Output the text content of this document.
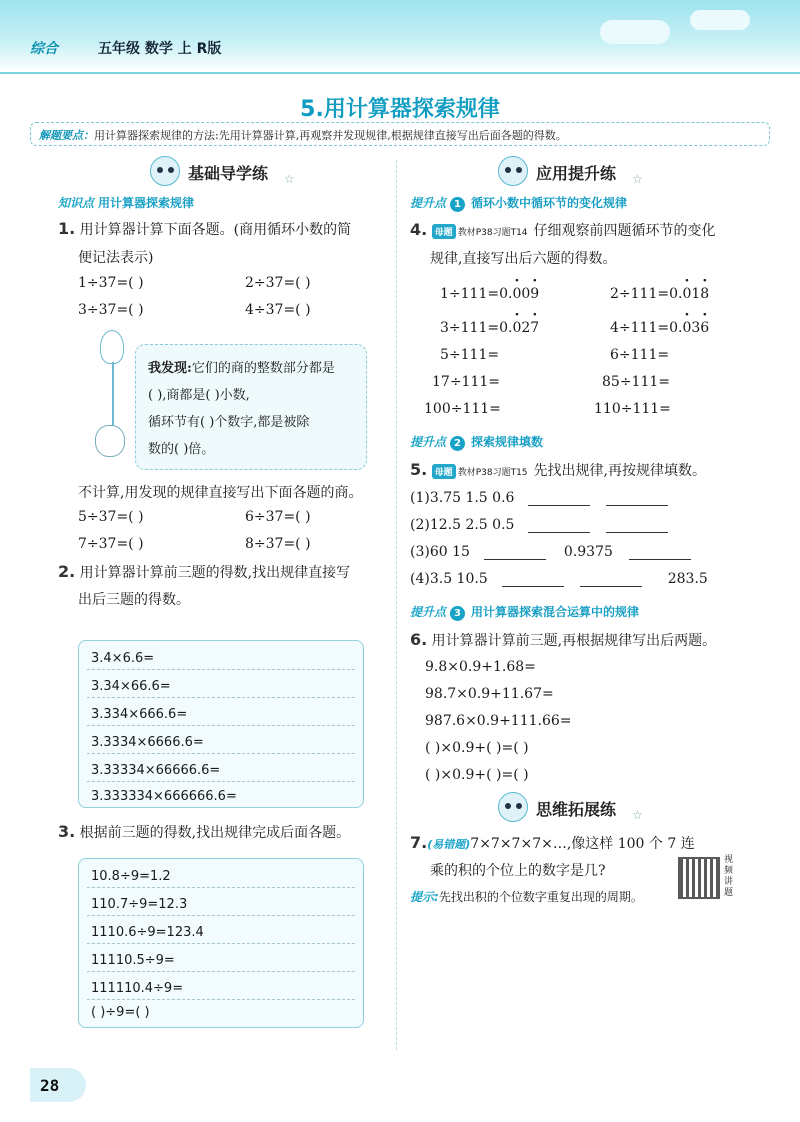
综合	五年级 数学 上 R版
5.用计算器探索规律
解题要点：用计算器探索规律的方法:先用计算器计算,再观察并发现规律,根据规律直接写出后面各题的得数。
基础导学练 ☆
知识点 用计算器探索规律
1. 用计算器计算下面各题。(商用循环小数的简
便记法表示)
1÷37=( )	2÷37=( )
3÷37=( )	4÷37=( )
我发现:它们的商的整数部分都是
( ),商都是( )小数,
循环节有( )个数字,都是被除
数的( )倍。
不计算,用发现的规律直接写出下面各题的商。
5÷37=( )	6÷37=( )
7÷37=( )	8÷37=( )
2. 用计算器计算前三题的得数,找出规律直接写
出后三题的得数。
3.4×6.6=
3.34×66.6=
3.334×666.6=
3.3334×6666.6=
3.33334×66666.6=
3.333334×666666.6=
3. 根据前三题的得数,找出规律完成后面各题。
10.8÷9=1.2
110.7÷9=12.3
1110.6÷9=123.4
11110.5÷9=
111110.4÷9=
( )÷9=( )
应用提升练 ☆
提升点 1 循环小数中循环节的变化规律
4. 母题 教材P38习题T14 仔细观察前四题循环节的变化
规律,直接写出后六题的得数。
1÷111=0.· 00· 9	2÷111=0.· 01· 8
3÷111=0.· 02· 7	4÷111=0.· 03· 6
5÷111=	6÷111=
17÷111=	85÷111=
100÷111=	110÷111=
提升点 2 探索规律填数
5. 母题 教材P38习题T15 先找出规律,再按规律填数。
(1)3.75 1.5 0.6
(2)12.5 2.5 0.5
(3)60 15	0.9375
(4)3.5 10.5	283.5
提升点 3 用计算器探索混合运算中的规律
6. 用计算器计算前三题,再根据规律写出后两题。
9.8×0.9+1.68=
98.7×0.9+11.67=
987.6×0.9+111.66=
( )×0.9+( )=( )
( )×0.9+( )=( )
思维拓展练 ☆
7.(易错题)7×7×7×7×…,像这样 100 个 7 连
乘的积的个位上的数字是几?
提示:先找出积的个位数字重复出现的周期。
视频讲题
28
